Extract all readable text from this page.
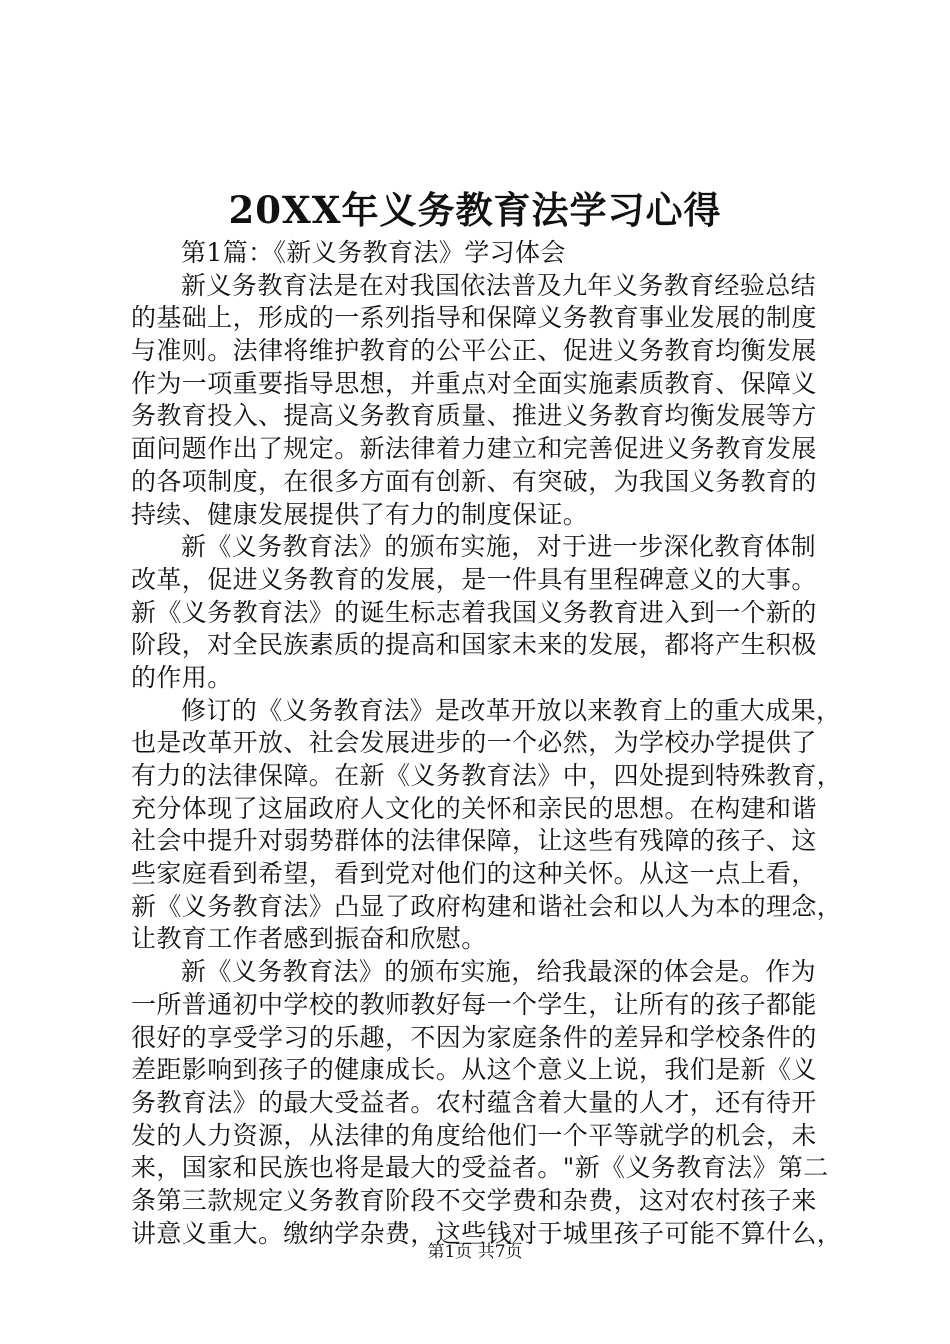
20XX年义务教育法学习心得

第1篇：《新义务教育法》学习体会

新义务教育法是在对我国依法普及九年义务教育经验总结

的基础上，形成的一系列指导和保障义务教育事业发展的制度

与准则。法律将维护教育的公平公正、促进义务教育均衡发展

作为一项重要指导思想，并重点对全面实施素质教育、保障义

务教育投入、提高义务教育质量、推进义务教育均衡发展等方

面问题作出了规定。新法律着力建立和完善促进义务教育发展

的各项制度，在很多方面有创新、有突破，为我国义务教育的

持续、健康发展提供了有力的制度保证。

新《义务教育法》的颁布实施，对于进一步深化教育体制

改革，促进义务教育的发展，是一件具有里程碑意义的大事。

新《义务教育法》的诞生标志着我国义务教育进入到一个新的

阶段，对全民族素质的提高和国家未来的发展，都将产生积极

的作用。

修订的《义务教育法》是改革开放以来教育上的重大成果，

也是改革开放、社会发展进步的一个必然，为学校办学提供了

有力的法律保障。在新《义务教育法》中，四处提到特殊教育，

充分体现了这届政府人文化的关怀和亲民的思想。在构建和谐

社会中提升对弱势群体的法律保障，让这些有残障的孩子、这

些家庭看到希望，看到党对他们的这种关怀。从这一点上看，

新《义务教育法》凸显了政府构建和谐社会和以人为本的理念，

让教育工作者感到振奋和欣慰。

新《义务教育法》的颁布实施，给我最深的体会是。作为

一所普通初中学校的教师教好每一个学生，让所有的孩子都能

很好的享受学习的乐趣，不因为家庭条件的差异和学校条件的

差距影响到孩子的健康成长。从这个意义上说，我们是新《义

务教育法》的最大受益者。农村蕴含着大量的人才，还有待开

发的人力资源，从法律的角度给他们一个平等就学的机会，未

来，国家和民族也将是最大的受益者。"新《义务教育法》第二

条第三款规定义务教育阶段不交学费和杂费，这对农村孩子来

讲意义重大。缴纳学杂费，这些钱对于城里孩子可能不算什么，

第1页 共7页
